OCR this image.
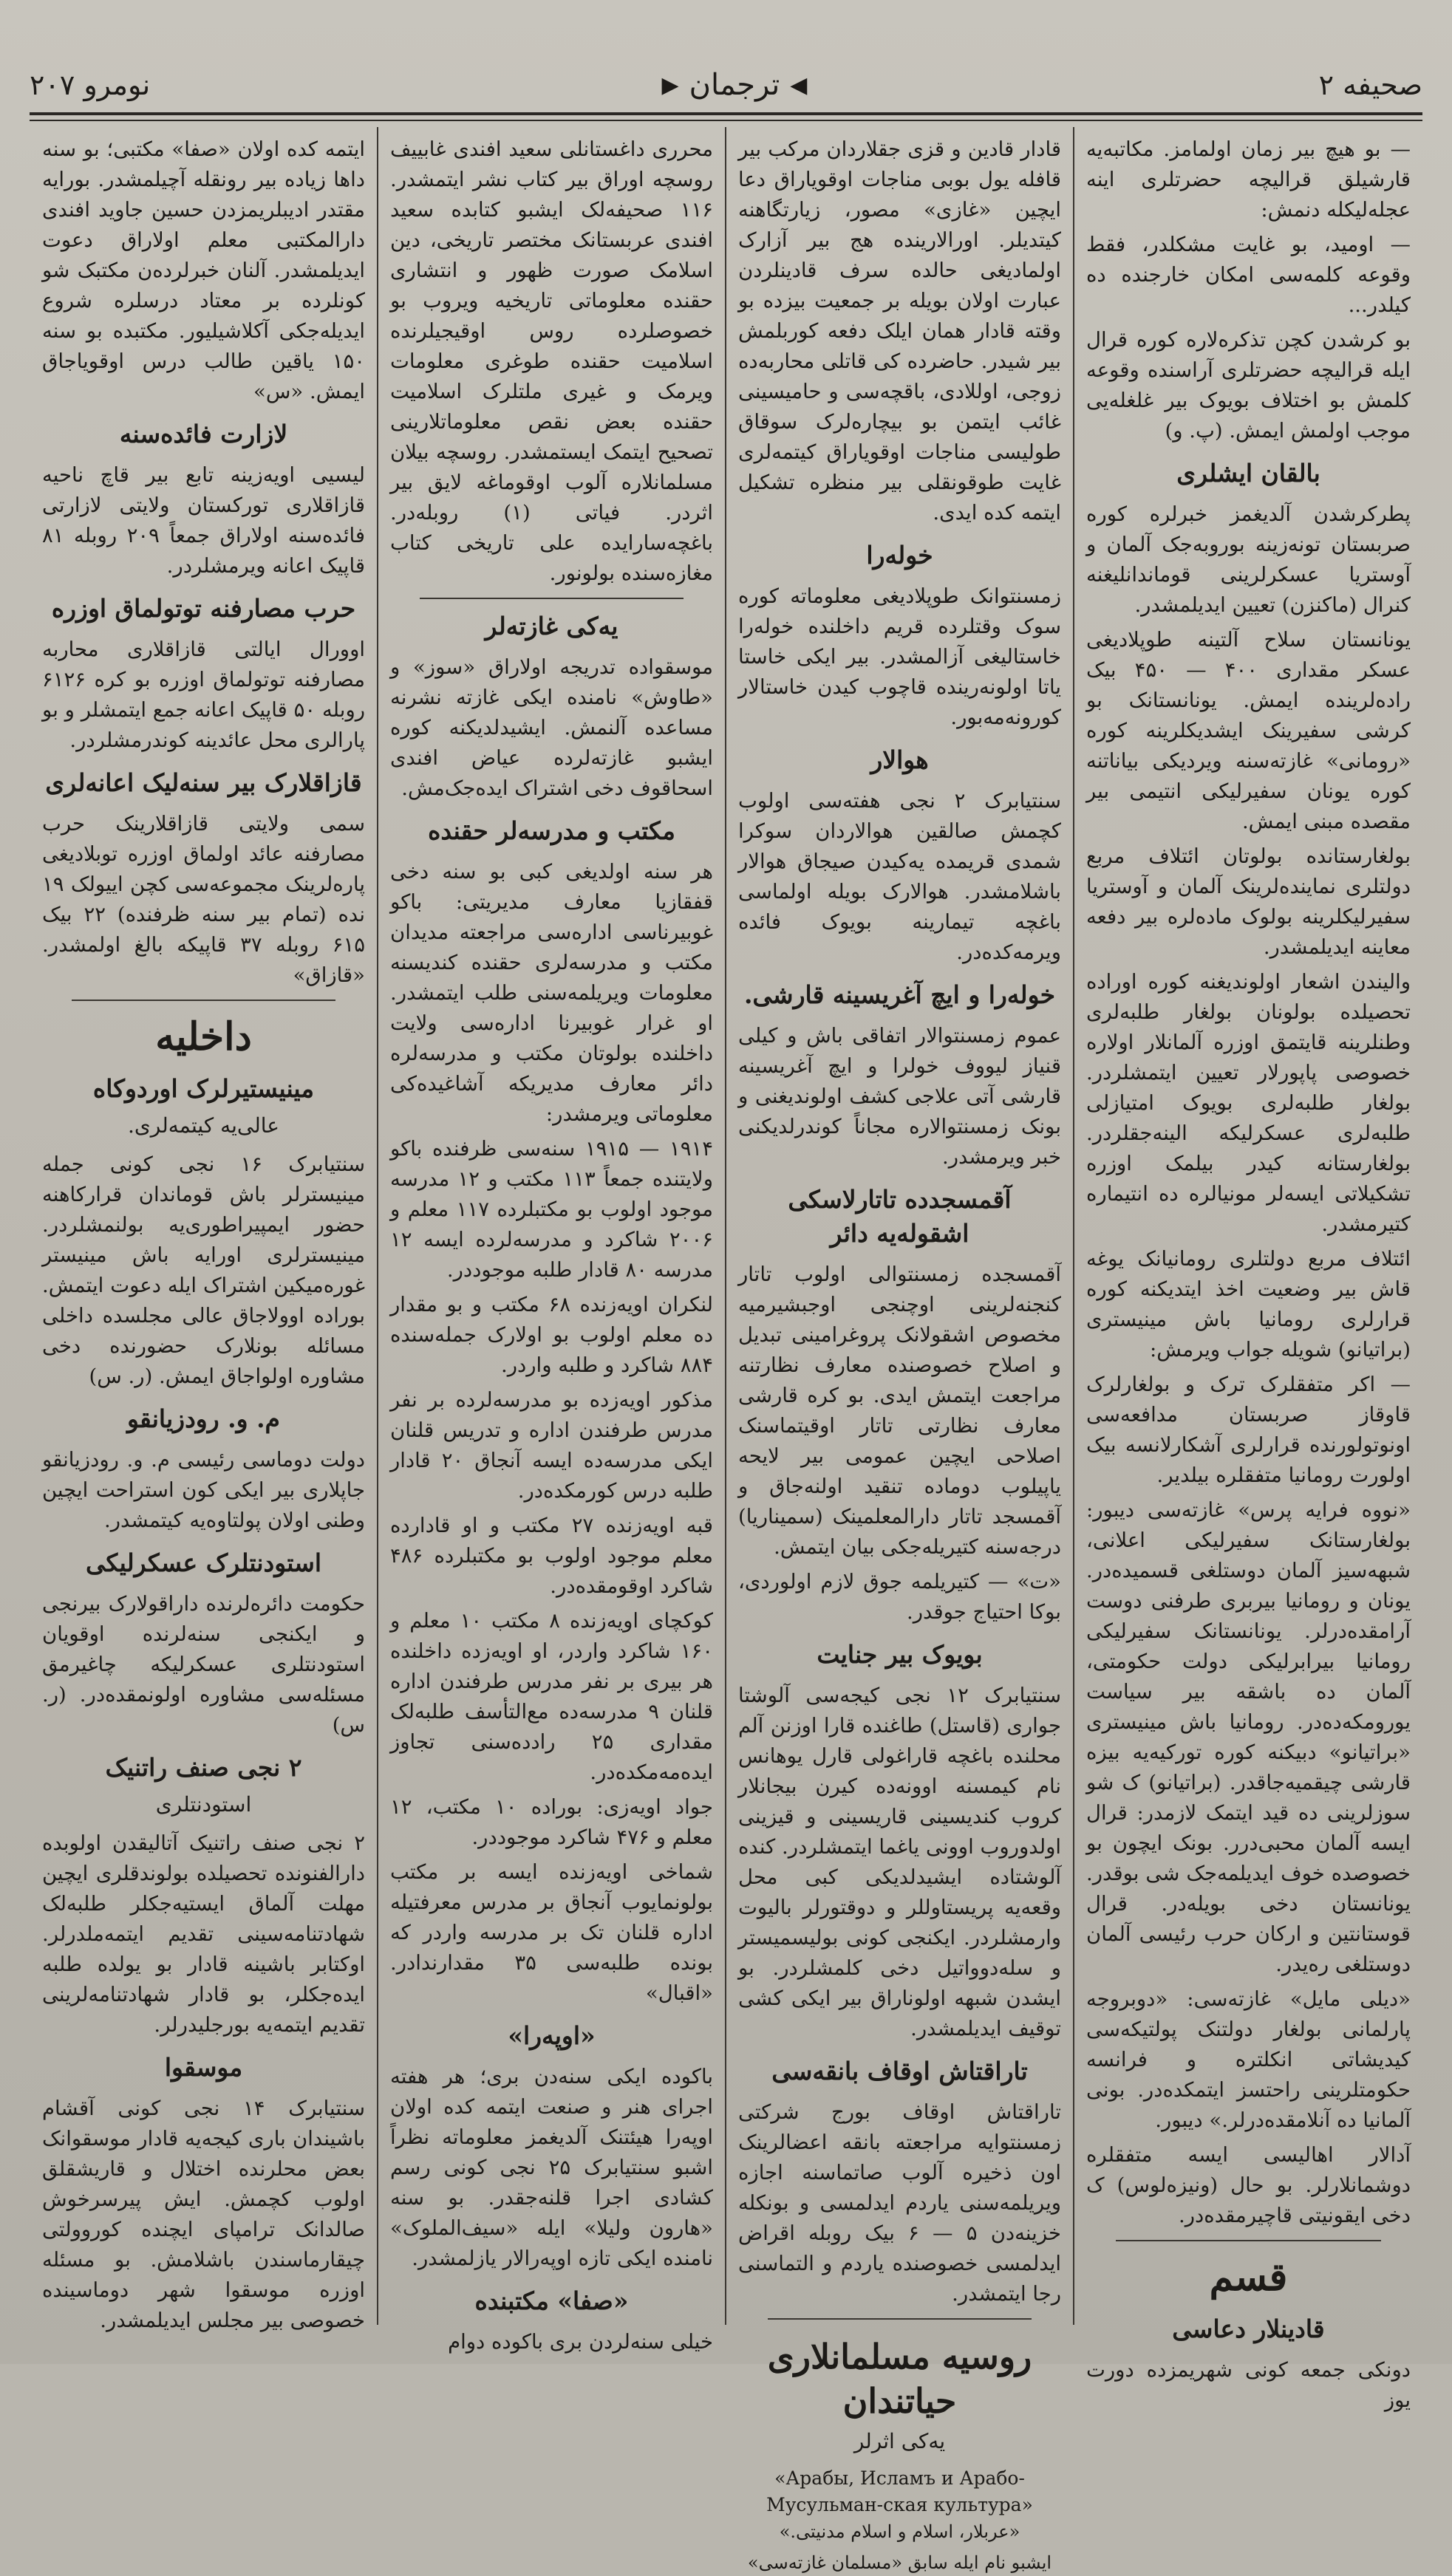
صحیفه ۲
◀
ترجمان
▶
نومرو ۲۰۷

— بو هیچ بیر زمان اولمامز. مکاتبه‌یه قارشیلق قرالیچه حضرتلری اینه عجله‌لیکله دنمش:

— اومید، بو غایت مشکلدر، فقط وقوعه کلمه‌سی امکان خارجنده ده کیلدر...

بو کرشدن کچن تذکره‌لاره کوره قرال ایله قرالیچه حضرتلری آراسنده وقوعه کلمش بو اختلاف بویوک بیر غلغله‌یی موجب اولمش ایمش. (پ. و)

بالقان ایشلری

پطرکرشدن آلدیغمز خبرلره کوره صربستان تونه‌زینه بوروبه‌جک آلمان و آوستریا عسکرلرینی قوماندانلیغنه کنرال (ماکنزن) تعیین ایدیلمشدر.

یونانستان سلاح آلتینه طوپلادیغی عسکر مقداری ۴۰۰ — ۴۵۰ بیک راده‌لرینده ایمش. یونانستانک بو کرشی سفیرینک ایشدیکلرینه کوره «رومانی» غازته‌سنه ویردیکی بیاناتنه کوره یونان سفیرلیکی انتیمی بیر مقصده مبنی ایمش.

بولغارستانده بولوتان ائتلاف مربع دولتلری نماینده‌لرینک آلمان و آوستریا سفیرلیکلرینه بولوک ماده‌لره بیر دفعه معاینه ایدیلمشدر.

والیندن اشعار اولوندیغنه کوره اوراده تحصیلده بولونان بولغار طلبه‌لری وطنلرینه قایتمق اوزره آلمانلار اولاره خصوصی پاپورلار تعیین ایتمشلردر. بولغار طلبه‌لری بویوک امتیازلی طلبه‌لری عسکرلیکه الینه‌جقلردر. بولغارستانه کیدر بیلمک اوزره تشکیلاتی ایسه‌لر مونیا‌لره ده انتیماره کتیرمشدر.

ائتلاف مربع دولتلری رومانیانک یوغه قاش بیر وضعیت اخذ ایتدیکنه کوره قرارلری رومانیا باش مینیستری (براتیانو) شویله جواب ویرمش:

— اکر متفقلرک ترک و بولغارلرک قاوقاز صربستان مدافعه‌سی اونوتولورنده قرارلری آشکارلانسه بیک اولورت رومانیا متفقلره بیلدیر.

«نووه فرایه پرس» غازته‌سی دیبور: بولغارستانک سفیرلیکی اعلانی، شبهه‌سیز آلمان دوستلغی قسمیده‌در. یونان و رومانیا بیربری طرفنی دوست آرامقده‌درلر. یونانستانک سفیرلیکی رومانیا بیرابرلیکی دولت حکومتی، آلمان ده باشقه بیر سیاست یورومکه‌ده‌در. رومانیا باش مینیستری «براتیانو» دبیکنه کوره تورکیه‌یه بیزه قارشی چیقمیه‌جاقدر. (براتیانو) ک شو سوزلرینی ده قید ایتمک لازمدر: قرال ایسه آلمان محبی‌درر. بونک ایچون بو خصوصده خوف ایدیلمه‌جک شی بوقدر. یونانستان دخی بویله‌در. قرال قوستانتین و ارکان حرب رئیسی آلمان دوستلغی ره‌یدر.

«دیلی مایل» غازته‌سی: «دوبروجه پارلمانی بولغار دولتنک پولتیکه‌سی کیدیشاتی انکلتره و فرانسه حکومتلرینی راحتسز ایتمکده‌در. بونی آلمانیا ده آنلامقده‌درلر.» دیبور.

آدالار اهالیسی ایسه متفقلره دوشمانلارلر. بو حال (ونیزه‌لوس) ک دخی ایقونیتی قاچیرمقده‌در.

قسم
قادینلار دعاسی

دونکی جمعه کونی شهریمزده دورت یوز

قادار قادین و قزی جقلاردان مرکب بیر قافله یول بوبی مناجات اوقویاراق دعا ایچین «غازی» مصور، زیارتگاهنه کیتدیلر. اورالارینده هج بیر آزارک اولمادیغی حالده سرف قادینلردن عبارت اولان بویله بر جمعیت بیزده بو وقته قادار همان ایلک دفعه کوربلمش بیر شیدر. حاضرده کی قاتلی محاربه‌ده زوجی، اوللادی، باقچه‌سی و حامیسینی غائب ایتمن بو بیچاره‌لرک سوقاق طولیسی مناجات اوقویاراق کیتمه‌لری غایت طوقونقلی بیر منظره تشکیل ایتمه کده ایدی.

خوله‌را

زمسنتوانک طوپلادیغی معلوماته کوره سوک وقتلرده قریم داخلنده خوله‌را خاستالیغی آزالمشدر. بیر ایکی خاستا یاتا اولونه‌رینده قاچوب کیدن خاستالار کورونه‌مه‌بور.

هوالار

سنتیابرک ۲ نجی هفته‌سی اولوب کچمش صالقین هوالاردان سوکرا شمدی قریمده یه‌کیدن صیجاق هوالار باشلامشدر. هوالارک بویله اولماسی باغچه تیمارینه بویوک فائده ویرمه‌کده‌در.

خوله‌را و ایچ آغریسینه قارشی.

عموم زمسنتوالار اتفاقی باش و کیلی قنیاز لیووف خولرا و ایچ آغریسینه قارشی آتی علاجی کشف اولوندیغنی و بونک زمسنتوالاره مجاناً کوندرلدیکنی خبر ویرمشدر.

آقمسجدده تاتارلاسکی اشقوله‌یه دائر

آقمسجده زمسنتوالی اولوب تاتار کنجنه‌لرینی اوچنجی اوجبشیرمیه مخصوص اشقولانک پروغرامینی تبدیل و اصلاح خصوصنده معارف نظارتنه مراجعت ایتمش ایدی. بو کره قارشی معارف نظارتی تاتار اوقیتماسنک اصلاحی ایچین عمومی بیر لایحه یاپیلوب دوماده تنقید اولنه‌جاق و آقمسجد تاتار دارالمعلمینک (سمیناریا) درجه‌سنه کتیریله‌جکی بیان ایتمش.

«ت» — کتیریلمه جوق لازم اولوردی، بوکا احتیاج جوقدر.

بویوک بیر جنایت

سنتیابرک ۱۲ نجی کیجه‌سی آلوشتا جواری (قاستل) طاغنده قارا اوزنن آلم محلنده باغچه قاراغولی قارل یوهانس نام کیمسنه اوونه‌ده کیرن بیجانلار کروب کندیسینی قاریسینی و قیزینی اولدوروب اوونی یاغما ایتمشلردر. کنده آلوشتاده ایشیدلدیکی کبی محل وقعه‌یه پریستاوللر و دوقتورلر بالیوت وارمشلردر. ایکنجی کونی بولیسمیستر و سله‌دوواتیل دخی کلمشلردر. بو ایشدن شبهه اولوناراق بیر ایکی کشی توقیف ایدیلمشدر.

تاراقتاش اوقاف بانقه‌سی

تاراقتاش اوقاف بورج شرکتی زمسنتوایه مراجعته بانقه اعضالرینک اون ذخیره آلوب صاتماسنه اجازه ویریلمه‌سنی یاردم ایدلمسی و بونکله خزینه‌دن ۵ — ۶ بیک روبله اقراض ایدلمسی خصوصنده یاردم و التماسنی رجا ایتمشدر.

روسیه مسلمانلاری حیاتندان
یه‌کی اثرلر
«Арабы, Исламъ и Арабо-Мусульман-ская культура»

«عربلار، اسلام و اسلام مدنیتی.»

ایشبو نام ایله سابق «مسلمان غازته‌سی»

محرری داغستانلی سعید افندی غابییف روسچه اوراق بیر کتاب نشر ایتمشدر. ۱۱۶ صحیفه‌لک ایشبو کتابده سعید افندی عربستانک مختصر تاریخی، دین اسلامک صورت ظهور و انتشاری حقنده معلوماتی تاریخیه ویروب بو خصوصلرده روس اوقیجیلرنده اسلامیت حقنده طوغری معلومات ویرمک و غیری ملتلرک اسلامیت حقنده بعض نقص معلوماتلارینی تصحیح ایتمک ایستمشدر. روسچه بیلان مسلمانلاره آلوب اوقوماغه لایق بیر اثردر. فیاتی (۱) روبله‌در. باغچه‌سارایده علی تاریخی کتاب مغازه‌سنده بولونور.

یه‌کی غازته‌لر

موسقواده تدریجه اولاراق «سوز» و «طاوش» نامنده ایکی غازته نشرنه مساعده آلنمش. ایشیدلدیکنه کوره ایشبو غازته‌لرده عیاض افندی اسحاقوف دخی اشتراک ایده‌جک‌مش.

مکتب و مدرسه‌لر حقنده

هر سنه اولدیغی کبی بو سنه دخی قفقازیا معارف مدیریتی: باکو غوبیرناسی اداره‌سی مراجعته مدیدان مکتب و مدرسه‌لری حقنده کندیسنه معلومات ویریلمه‌سنی طلب ایتمشدر. او غرار غوبیرنا اداره‌سی ولایت داخلنده بولوتان مکتب و مدرسه‌لره دائر معارف مدیریکه آشاغیده‌کی معلوماتی ویرمشدر:

۱۹۱۴ — ۱۹۱۵ سنه‌سی ظرفنده باکو ولایتنده جمعاً ۱۱۳ مکتب و ۱۲ مدرسه موجود اولوب بو مکتبلرده ۱۱۷ معلم و ۲۰۰۶ شاکرد و مدرسه‌لرده ایسه ۱۲ مدرسه ۸۰ قادار طلبه موجوددر.

لنکران اویه‌زنده ۶۸ مکتب و بو مقدار ده معلم اولوب بو اولارک جمله‌سنده ۸۸۴ شاکرد و طلبه واردر.

مذکور اویه‌زده بو مدرسه‌لرده بر نفر مدرس طرفندن اداره و تدریس قلنان ایکی مدرسه‌ده ایسه آنجاق ۲۰ قادار طلبه درس کورمکده‌در.

قبه اویه‌زنده ۲۷ مکتب و او قادارده معلم موجود اولوب بو مکتبلرده ۴۸۶ شاکرد اوقومقده‌در.

کوکچای اویه‌زنده ۸ مکتب ۱۰ معلم و ۱۶۰ شاکرد واردر، او اویه‌زده داخلنده هر بیری بر نفر مدرس طرفندن اداره قلنان ۹ مدرسه‌ده مع‌التأسف طلبه‌لک مقداری ۲۵ رادده‌سنی تجاوز ایده‌مه‌مکده‌در.

جواد اویه‌زی: بوراده ۱۰ مکتب، ۱۲ معلم و ۴۷۶ شاکرد موجوددر.

شماخی اویه‌زنده ایسه بر مکتب بولونمایوب آنجاق بر مدرس معرفتیله اداره قلنان تک بر مدرسه واردر که بونده طلبه‌سی ۳۵ مقدارندادر. «اقبال»

«اوپه‌را»

باکوده ایکی سنه‌دن بری؛ هر هفته اجرای هنر و صنعت ایتمه کده اولان اوپه‌را هیئتنک آلدیغمز معلوماته نظراً اشبو سنتیابرک ۲۵ نجی کونی رسم کشادی اجرا قلنه‌جقدر. بو سنه «هارون ولیلا» ایله «سیف‌الملوک» نامنده ایکی تازه اوپه‌رالار یازلمشدر.

«صفا» مکتبنده

خیلی سنه‌لردن بری باکوده دوام

ایتمه کده اولان «صفا» مکتبی؛ بو سنه داها زیاده بیر رونقله آچیلمشدر. بورایه مقتدر ادیبلریمزدن حسین جاوید افندی دارالمکتبی معلم اولاراق دعوت ایدیلمشدر. آلنان خبرلرده‌ن مکتبک شو کونلرده بر معتاد درسلره شروع ایدیله‌جکی آکلاشیلیور. مکتبده بو سنه ۱۵۰ یاقین طالب درس اوقویاجاق ایمش. «س»

لازارت فائده‌سنه

لیسیی اویه‌زینه تابع بیر قاچ ناحیه قازاقلاری تورکستان ولایتی لازارتی فائده‌سنه اولاراق جمعاً ۲۰۹ روبله ۸۱ قاپیک اعانه ویرمشلردر.

حرب مصارفنه توتولماق اوزره

اوورال ایالتی قازاقلاری محاربه مصارفنه توتولماق اوزره بو کره ۶۱۲۶ روبله ۵۰ قاپیک اعانه جمع ایتمشلر و بو پارالری محل عائدینه کوندرمشلردر.

قازاقلارک بیر سنه‌لیک اعانه‌لری

سمی ولایتی قازاقلارینک حرب مصارفنه عائد اولماق اوزره توبلادیغی پاره‌لرینک مجموعه‌سی کچن اییولک ۱۹ نده (تمام بیر سنه ظرفنده) ۲۲ بیک ۶۱۵ روبله ۳۷ قاپیکه بالغ اولمشدر. «قازاق»

داخلیه
مینیستیرلرک اوردوکاه
عالی‌یه کیتمه‌لری.

سنتیابرک ۱۶ نجی کونی جمله مینیسترلر باش قوماندان قرارکاهنه حضور ایمپیراطوری‌یه بولنمشلردر. مینیسترلری اورایه باش مینیستر غوره‌میکین اشتراک ایله دعوت ایتمش. بوراده اوولاجاق عالی مجلسده داخلی مسائله بونلارک حضورنده دخی مشاوره اولواجاق ایمش. (ر. س)

م. و. رودزیانقو

دولت دوماسی رئیسی م. و. رودزیانقو جاپلاری بیر ایکی کون استراحت ایچین وطنی اولان پولتاوه‌یه کیتمشدر.

استودنتلرک عسکرلیکی

حکومت دائره‌لرنده داراقولارک بیرنجی و ایکنجی سنه‌لرنده اوقویان استودنتلری عسکرلیکه چاغیرمق مسئله‌سی مشاوره اولونمقده‌در. (ر. س)

۲ نجی صنف راتنیک
استودنتلری

۲ نجی صنف راتنیک آتالیقدن اولوبده دارالفنونده تحصیلده بولوندقلری ایچین مهلت آلماق ایستیه‌جکلر طلبه‌لک شهادتنامه‌سینی تقدیم ایتمه‌ملدرلر. اوکتابر باشینه قادار بو یولده طلبه ایده‌جکلر، بو قادار شهادتنامه‌لرینی تقدیم ایتمه‌یه بورجلیدرلر.

موسقوا

سنتیابرک ۱۴ نجی کونی آقشام باشیندان باری کیجه‌یه قادار موسقوانک بعض محلرنده اختلال و قاریشقلق اولوب کچمش. ایش پیرسرخوش صالدانک ترامپای ایچنده کوروولتی چیقارماسندن باشلامش. بو مسئله اوزره موسقوا شهر دوماسینده خصوصی بیر مجلس ایدیلمشدر.
